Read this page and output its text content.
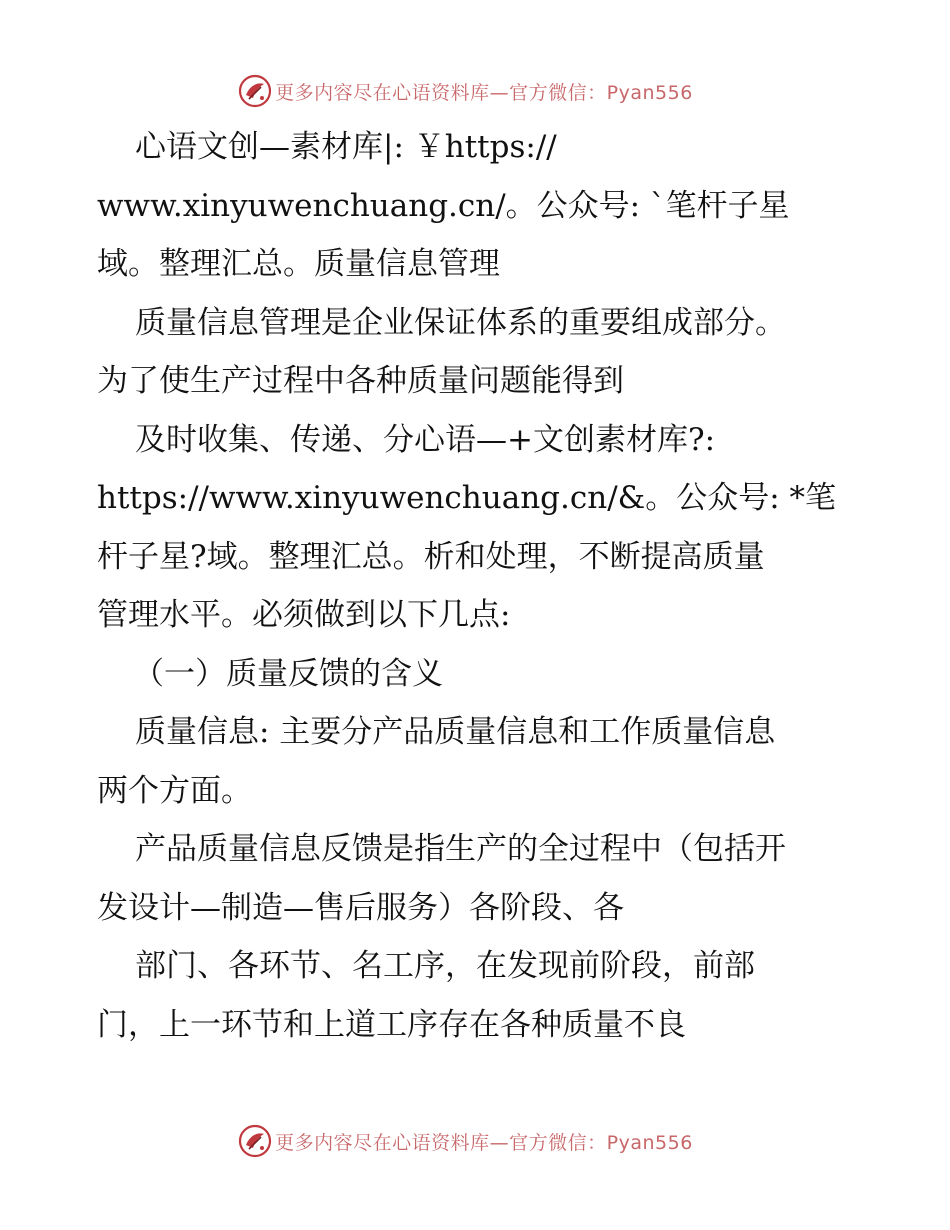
更多内容尽在心语资料库—官方微信：Pyan556
心语文创—素材库|: ￥https://
www.xinyuwenchuang.cn/。公众号: `笔杆子星
域。整理汇总。质量信息管理
质量信息管理是企业保证体系的重要组成部分。
为了使生产过程中各种质量问题能得到
及时收集、传递、分心语—+文创素材库?:
https://www.xinyuwenchuang.cn/&。公众号: *笔
杆子星?域。整理汇总。析和处理，不断提高质量
管理水平。必须做到以下几点:
（一）质量反馈的含义
质量信息: 主要分产品质量信息和工作质量信息
两个方面。
产品质量信息反馈是指生产的全过程中（包括开
发设计—制造—售后服务）各阶段、各
部门、各环节、名工序，在发现前阶段，前部
门，上一环节和上道工序存在各种质量不良
更多内容尽在心语资料库—官方微信：Pyan556
